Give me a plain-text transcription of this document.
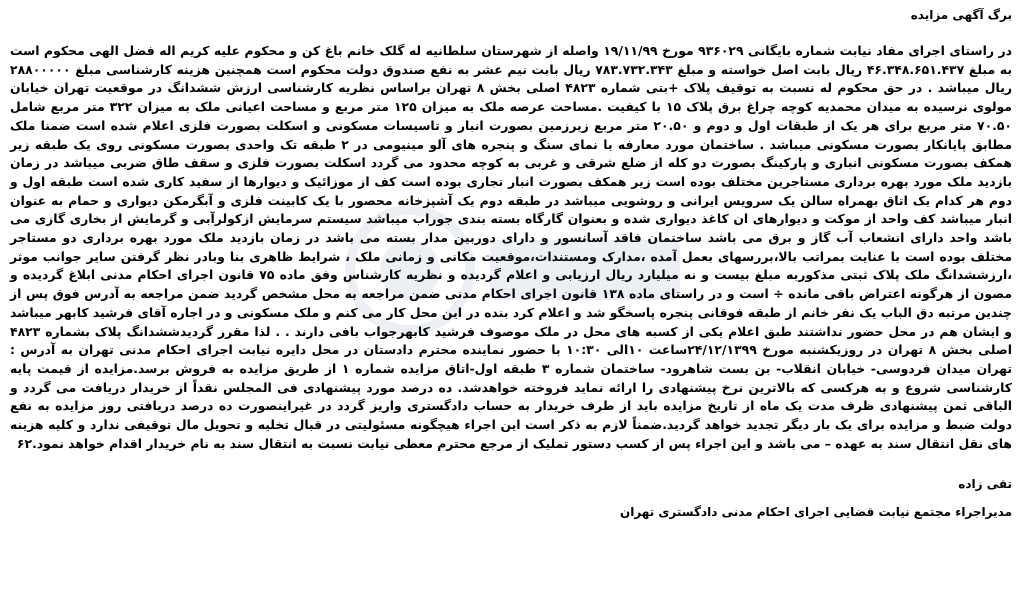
برگ آگهی مزایده

در راستای اجرای مفاد نیابت شماره بایگانی ۹۳۶۰۲۹ مورخ ۱۹/۱۱/۹۹ واصله از شهرستان سلطانیه له گلک خانم باغ کن و محکوم علیه کریم اله فضل الهی محکوم است به مبلغ ۴۶.۳۴۸.۶۵۱.۴۳۷ ریال بابت اصل خواسته و مبلغ ۷۸۳.۷۳۲.۳۴۳ ریال بابت نیم عشر به نفع صندوق دولت محکوم است همچنین هزینه کارشناسی مبلغ ۲۸۸۰۰۰۰۰ ریال میباشد . در حق محکوم له نسبت به توقیف پلاک +بتی شماره ۴۸۲۳ اصلی بخش ۸ تهران براساس نظریه کارشناسی ارزش ششدانگ در موقعیت تهران خیابان مولوی نرسیده به میدان محمدیه کوچه چراغ برق پلاک ۱۵ با کیفیت .مساحت عرصه ملک به میزان ۱۲۵ متر مربع و مساحت اعیانی ملک به میزان ۳۲۲ متر مربع شامل ۷۰.۵۰ متر مربع برای هر یک از طبقات اول و دوم و ۲۰.۵۰ متر مربع زیرزمین بصورت انبار و تاسیسات مسکونی و اسکلت بصورت فلزی اعلام شده است ضمنا ملک مطابق پایانکار بصورت مسکونی میباشد . ساختمان مورد معارفه با نمای سنگ و پنجره های آلو مینیومی در ۲ طبقه تک واحدی بصورت مسکونی روی یک طبقه زیر همکف بصورت مسکونی انباری و پارکینگ بصورت دو کله از ضلع شرقی و غربی به کوچه محدود می گردد اسکلت بصورت فلزی و سقف طاق ضربی میباشد در زمان بازدید ملک مورد بهره برداری مستاجرین مختلف بوده است زیر همکف بصورت انبار تجاری بوده است کف از موزائیک و دیوارها از سفید کاری شده است طبقه اول و دوم هر کدام یک اتاق بهمراه سالن یک سرویس ایرانی و روشویی میباشد در طبقه دوم یک آشپزخانه محصور با یک کابینت فلزی و آبگرمکن دیواری و حمام به عنوان انبار میباشد کف واحد از موکت و دیوارهای ان کاغذ دیواری شده و بعنوان گارگاه بسته بندی جوراب میباشد سیستم سرمایش ازکولرآبی و گرمایش از بخاری گازی می باشد واحد دارای انشعاب آب گاز و برق می باشد ساختمان فاقد آسانسور و دارای دوربین مدار بسته می باشد در زمان بازدید ملک مورد بهره برداری دو مستاجر مختلف بوده است با عنایت بمراتب بالا،بررسهای بعمل آمده ،مدارک ومستندات،موقعیت مکانی و زمانی ملک ، شرایط ظاهری بنا وبادر نظر گرفتن سایر جوانب موثر ،ارزششدانگ ملک پلاک ثبتی مذکوربه مبلغ بیست و نه میلیارد ریال ارزیابی و اعلام گردیده و نظریه کارشناس وفق ماده ۷۵ قانون اجرای احکام مدنی ابلاغ گردیده و مصون از هرگونه اعتراض باقی مانده ÷ است و در راستای ماده ۱۳۸ قانون اجرای احکام مدنی ضمن مراجعه به محل مشخص گردید ضمن مراجعه به آدرس فوق پس از چندین مرتبه دق الباب یک نفر خانم از طبقه فوقانی پنجره پاسخگو شد و اعلام کرد بنده در این محل کار می کنم و ملک مسکونی و در اجاره آقای فرشید کابهر میباشد و ایشان هم در محل حضور نداشتند طبق اعلام یکی از کسبه های محل در ملک موصوف فرشید کابهرجواب بافی دارند . . لذا مقرر گردیدششدانگ پلاک بشماره ۴۸۲۳ اصلی بخش ۸ تهران در روزیکشنبه مورخ ۲۴/۱۲/۱۳۹۹ساعت ۱۰الی ۱۰:۳۰ با حضور نماینده محترم دادستان در محل دایره نیابت اجرای احکام مدنی تهران به آدرس : تهران میدان فردوسی- خیابان انقلاب- بن بست شاهرود- ساختمان شماره ۳ طبقه اول-اتاق مزایده شماره ۱ از طریق مزایده به فروش برسد.مزایده از قیمت پایه کارشناسی شروع و به هرکسی که بالاترین نرخ پیشنهادی را ارائه نماید فروخته خواهدشد. ده درصد مورد پیشنهادی فی المجلس نقداً از خریدار دریافت می گردد و الباقی ثمن پیشنهادی ظرف مدت یک ماه از تاریخ مزایده باید از طرف خریدار به حساب دادگستری واریز گردد در غیراینصورت ده درصد دریافتی روز مزایده به نفع دولت ضبط و مزایده برای یک بار دیگر تجدید خواهد گردید.ضمناً لازم به ذکر است این اجراء هیچگونه مسئولیتی در قبال تخلیه و تحویل مال توقیفی ندارد و کلیه هزینه های نقل انتقال سند به عهده – می باشد و این اجراء پس از کسب دستور تملیک از مرجع محترم معطی نیابت نسبت به انتقال سند به نام خریدار اقدام خواهد نمود.۶۲

تقی زاده
مدیراجراء مجتمع نیابت قضایی اجرای احکام مدنی دادگستری تهران
